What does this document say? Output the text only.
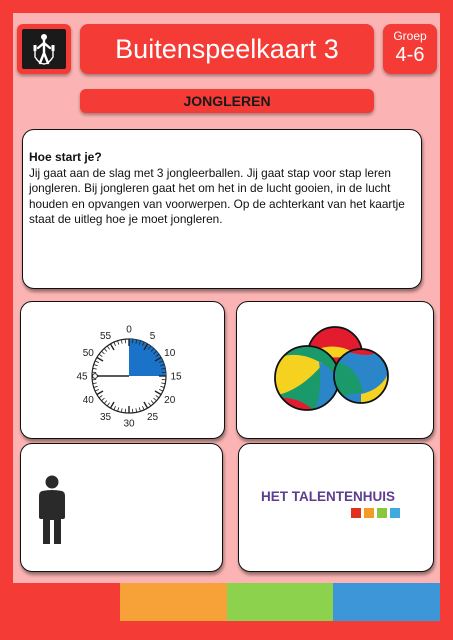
Buitenspeelkaart 3	Groep
4-6
JONGLEREN
Hoe start je?
Jij gaat aan de slag met 3 jongleerballen. Jij gaat stap voor stap leren jongleren. Bij jongleren gaat het om het in de lucht gooien, in de lucht houden en opvangen van voorwerpen. Op de achterkant van het kaartje staat de uitleg hoe je moet jongleren.
0
5
10
15
20
25
30
35
40
45
50
55
HET TALENTENHUIS
